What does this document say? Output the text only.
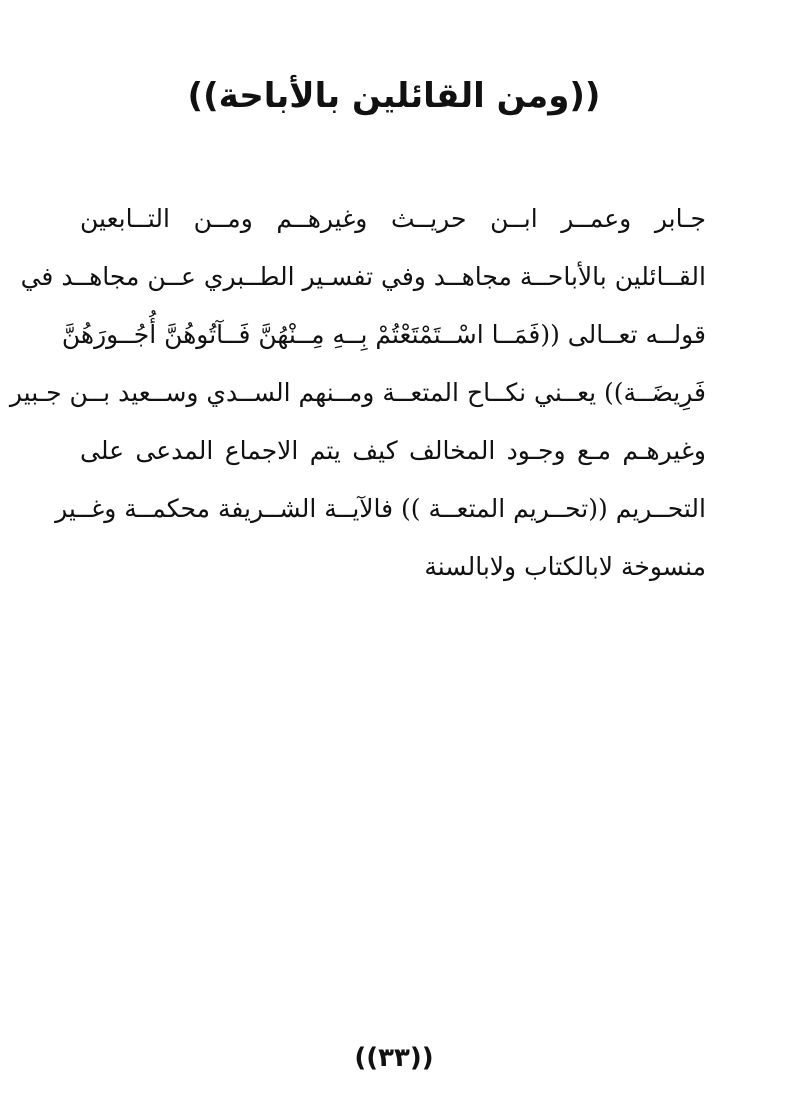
((ومن القائلين بالأباحة))
جـابر وعمــر ابــن حريــث وغيرهــم ومــن التــابعين
القــائلين بالأباحــة مجاهــد وفي تفسـير الطــبري عــن مجاهــد في
قولــه تعــالى ((فَمَــا اسْــتَمْتَعْتُمْ بِــهِ مِــنْهُنَّ فَــآتُوهُنَّ أُجُــورَهُنَّ
فَرِيضَــة)) يعــني نكــاح المتعــة ومــنهم الســدي وســعيد بــن جـبير
وغيرهـم مـع وجـود المخالف كيف يتم الاجماع المدعى على
التحــريم ((تحــريم المتعــة )) فالآيــة الشــريفة محكمــة وغــير
منسوخة لابالكتاب ولابالسنة
((٣٣))
